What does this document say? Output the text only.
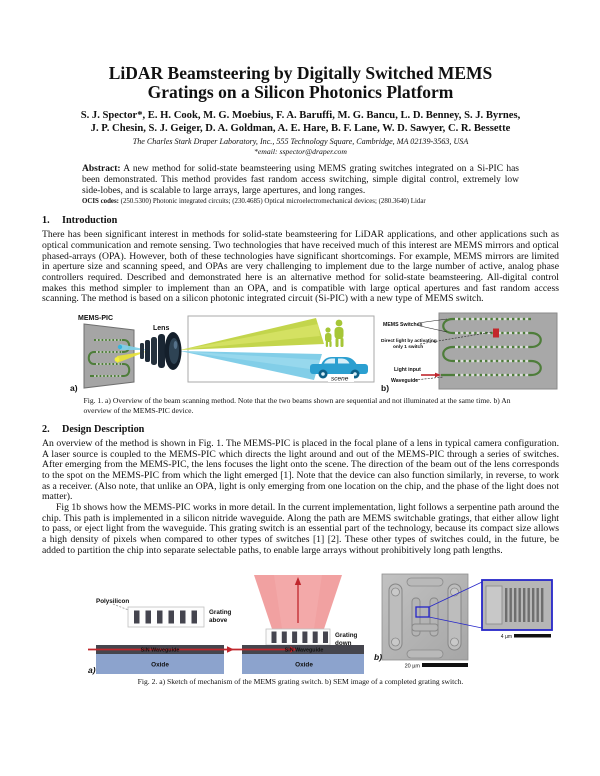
LiDAR Beamsteering by Digitally Switched MEMS
Gratings on a Silicon Photonics Platform
S. J. Spector*, E. H. Cook, M. G. Moebius, F. A. Baruffi, M. G. Bancu, L. D. Benney, S. J. Byrnes,
J. P. Chesin, S. J. Geiger, D. A. Goldman, A. E. Hare, B. F. Lane, W. D. Sawyer, C. R. Bessette
The Charles Stark Draper Laboratory, Inc., 555 Technology Square, Cambridge, MA 02139-3563, USA
*email: sspector@draper.com

Abstract: A new method for solid-state beamsteering using MEMS grating switches integrated on a Si-PIC has been demonstrated. This method provides fast random access switching, simple digital control, extremely low side-lobes, and is scalable to large arrays, large apertures, and long ranges.

OCIS codes: (250.5300) Photonic integrated circuits; (230.4685) Optical microelectromechanical devices; (280.3640) Lidar

1. Introduction

There has been significant interest in methods for solid-state beamsteering for LiDAR applications, and other applications such as optical communication and remote sensing. Two technologies that have received much of this interest are MEMS mirrors and optical phased-arrays (OPA). However, both of these technologies have significant shortcomings. For example, MEMS mirrors are limited in aperture size and scanning speed, and OPAs are very challenging to implement due to the large number of active, analog phase controllers required. Described and demonstrated here is an alternative method for solid-state beamsteering. All-digital control makes this method simpler to implement than an OPA, and is compatible with large optical apertures and fast random access scanning. The method is based on a silicon photonic integrated circuit (Si-PIC) with a new type of MEMS switch.

MEMS-PIC
Lens
scene
a)
MEMS Switches
Direct light by activating
only 1 switch
Light input
Waveguide
b)
Fig. 1. a) Overview of the beam scanning method. Note that the two beams shown are sequential and not illuminated at the same time. b) An overview of the MEMS-PIC device.
2. Design Description

An overview of the method is shown in Fig. 1. The MEMS-PIC is placed in the focal plane of a lens in typical camera configuration. A laser source is coupled to the MEMS-PIC which directs the light around and out of the MEMS-PIC through a series of switches. After emerging from the MEMS-PIC, the lens focuses the light onto the scene. The direction of the beam out of the lens corresponds to the spot on the MEMS-PIC from which the light emerged [1]. Note that the device can also function similarly, in reverse, to work as a receiver. (Also note, that unlike an OPA, light is only emerging from one location on the chip, and the phase of the light does not matter).

Fig 1b shows how the MEMS-PIC works in more detail. In the current implementation, light follows a serpentine path around the chip. This path is implemented in a silicon nitride waveguide. Along the path are MEMS switchable gratings, that either allow light to pass, or eject light from the waveguide. This grating switch is an essential part of the technology, because its compact size allows a high density of pixels when compared to other types of switches [1] [2]. These other types of switches could, in the future, be added to partition the chip into separate selectable paths, to enable large arrays without prohibitively long path lengths.

Polysilicon
Grating
above
SiN Waveguide
Oxide
a)
Grating
down
SiN Waveguide
Oxide
4 µm
20 µm
b)
Fig. 2. a) Sketch of mechanism of the MEMS grating switch. b) SEM image of a completed grating switch.
